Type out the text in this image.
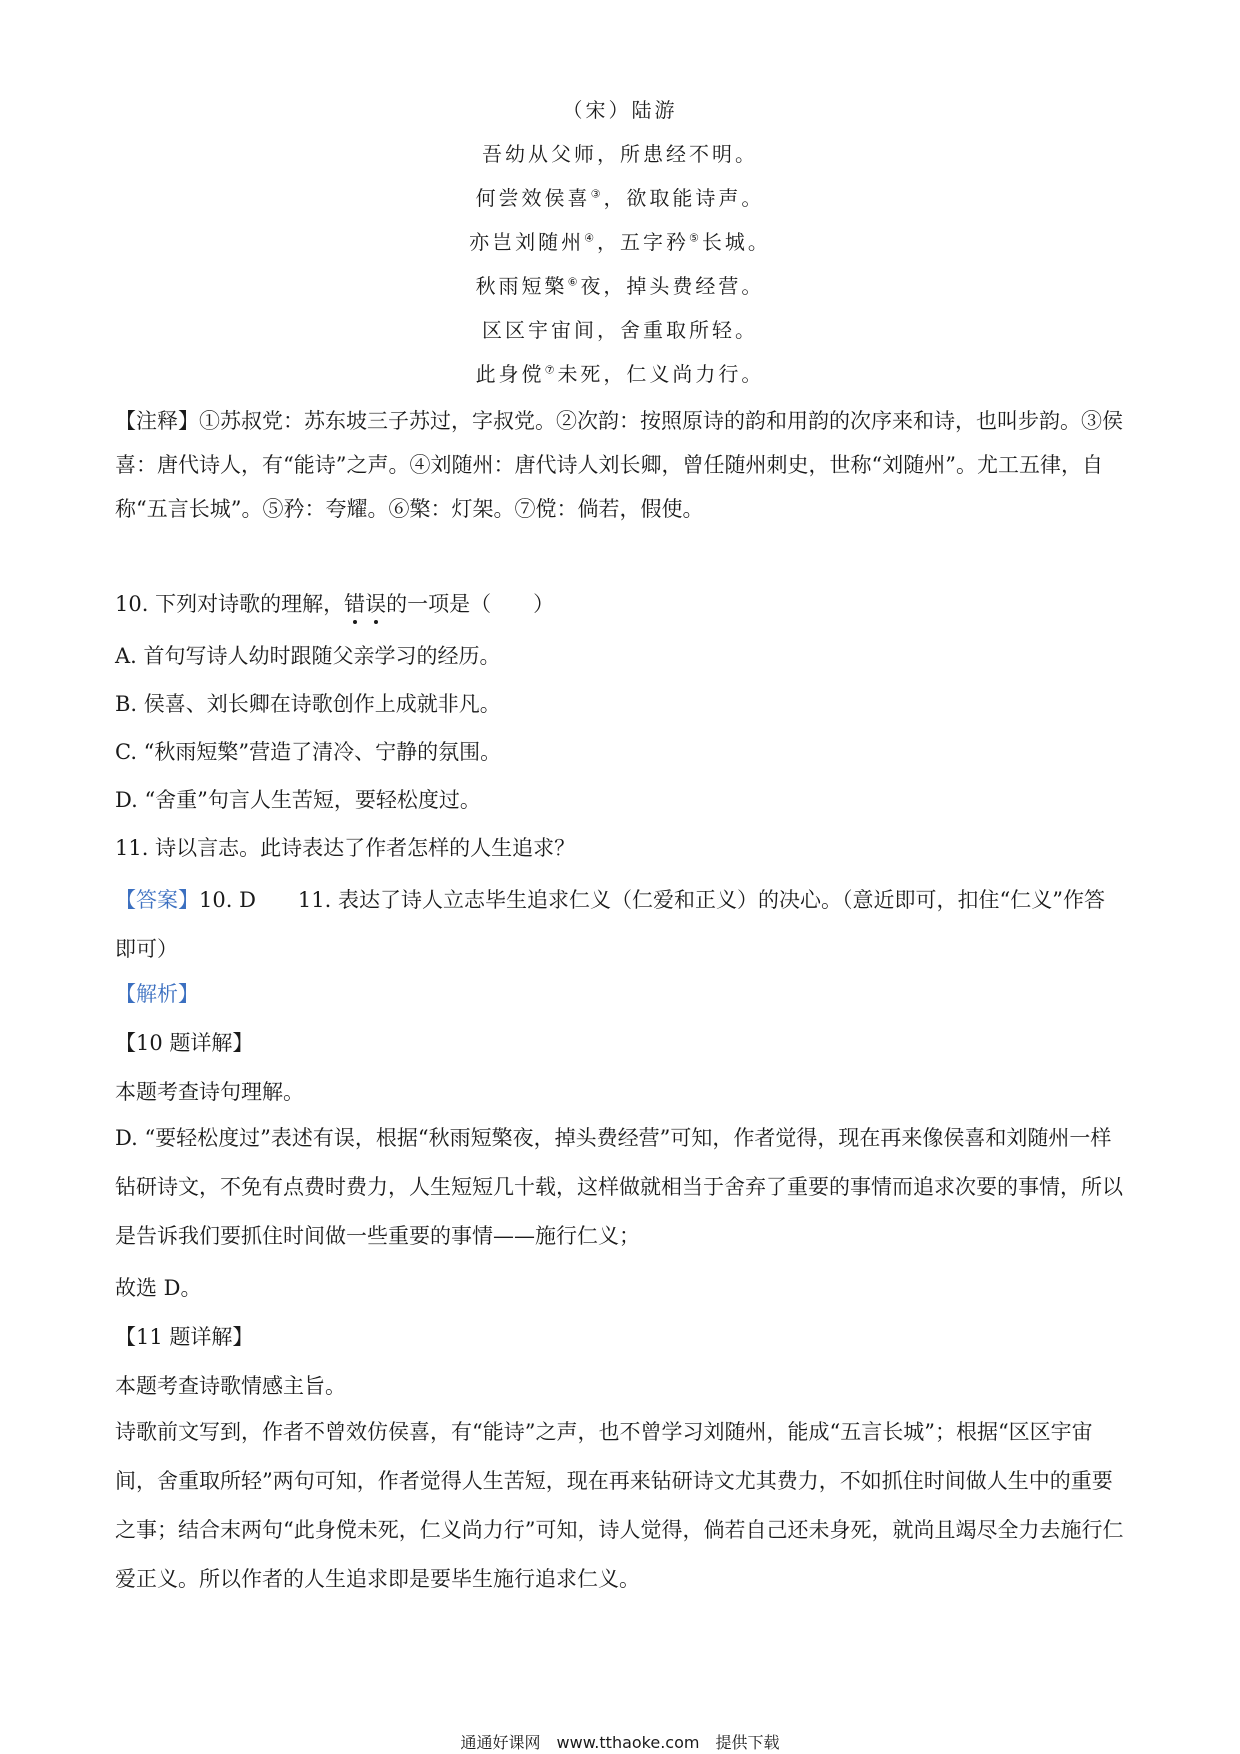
（宋）陆游
吾幼从父师，所患经不明。
何尝效侯喜③，欲取能诗声。
亦岂刘随州④，五字矜⑤长城。
秋雨短檠⑥夜，掉头费经营。
区区宇宙间，舍重取所轻。
此身傥⑦未死，仁义尚力行。
【注释】①苏叔党：苏东坡三子苏过，字叔党。②次韵：按照原诗的韵和用韵的次序来和诗，也叫步韵。③侯喜：唐代诗人，有“能诗”之声。④刘随州：唐代诗人刘长卿，曾任随州刺史，世称“刘随州”。尤工五律，自称“五言长城”。⑤矜：夸耀。⑥檠：灯架。⑦傥：倘若，假使。
10. 下列对诗歌的理解，错误的一项是（　　）
A. 首句写诗人幼时跟随父亲学习的经历。
B. 侯喜、刘长卿在诗歌创作上成就非凡。
C. “秋雨短檠”营造了清冷、宁静的氛围。
D. “舍重”句言人生苦短，要轻松度过。
11. 诗以言志。此诗表达了作者怎样的人生追求？
【答案】10. D　　11. 表达了诗人立志毕生追求仁义（仁爱和正义）的决心。（意近即可，扣住“仁义”作答即可）
【解析】
【10 题详解】
本题考查诗句理解。
D. “要轻松度过”表述有误，根据“秋雨短檠夜，掉头费经营”可知，作者觉得，现在再来像侯喜和刘随州一样钻研诗文，不免有点费时费力，人生短短几十载，这样做就相当于舍弃了重要的事情而追求次要的事情，所以是告诉我们要抓住时间做一些重要的事情——施行仁义；
故选 D。
【11 题详解】
本题考查诗歌情感主旨。
诗歌前文写到，作者不曾效仿侯喜，有“能诗”之声，也不曾学习刘随州，能成“五言长城”；根据“区区宇宙间，舍重取所轻”两句可知，作者觉得人生苦短，现在再来钻研诗文尤其费力，不如抓住时间做人生中的重要之事；结合末两句“此身傥未死，仁义尚力行”可知，诗人觉得，倘若自己还未身死，就尚且竭尽全力去施行仁爱正义。所以作者的人生追求即是要毕生施行追求仁义。
通通好课网　www.tthaoke.com　提供下载
